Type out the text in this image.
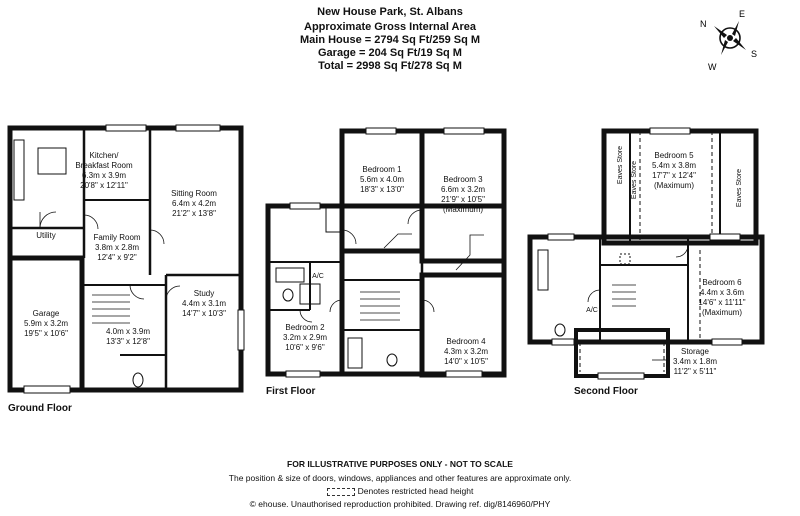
New House Park, St. Albans
Approximate Gross Internal Area
Main House = 2794 Sq Ft/259 Sq M
Garage = 204 Sq Ft/19 Sq M
Total = 2998 Sq Ft/278 Sq M
N
E
S
W
Kitchen/
Breakfast Room
6.3m x 3.9m
20'8" x 12'11"
Sitting Room
6.4m x 4.2m
21'2" x 13'8"
Utility	Family Room
3.8m x 2.8m
12'4" x 9'2"
Garage
5.9m x 3.2m
19'5" x 10'6"	4.0m x 3.9m
13'3" x 12'8"
Study
4.4m x 3.1m
14'7" x 10'3"
Bedroom 1
5.6m x 4.0m
18'3" x 13'0"
Bedroom 3
6.6m x 3.2m
21'9" x 10'5"
(Maximum)
Bedroom 2
3.2m x 2.9m
10'6" x 9'6"
Bedroom 4
4.3m x 3.2m
14'0" x 10'5"
A/C
Bedroom 5
5.4m x 3.8m
17'7" x 12'4"
(Maximum)
Bedroom 6
4.4m x 3.6m
14'6" x 11'11"
(Maximum)
Storage
3.4m x 1.8m
11'2" x 5'11"
A/C
Eaves Store Eaves Store	Eaves Store
Ground Floor
First Floor	Second Floor
FOR ILLUSTRATIVE PURPOSES ONLY - NOT TO SCALE
The position & size of doors, windows, appliances and other features are approximate only.
Denotes restricted head height
© ehouse. Unauthorised reproduction prohibited. Drawing ref. dig/8146960/PHY
